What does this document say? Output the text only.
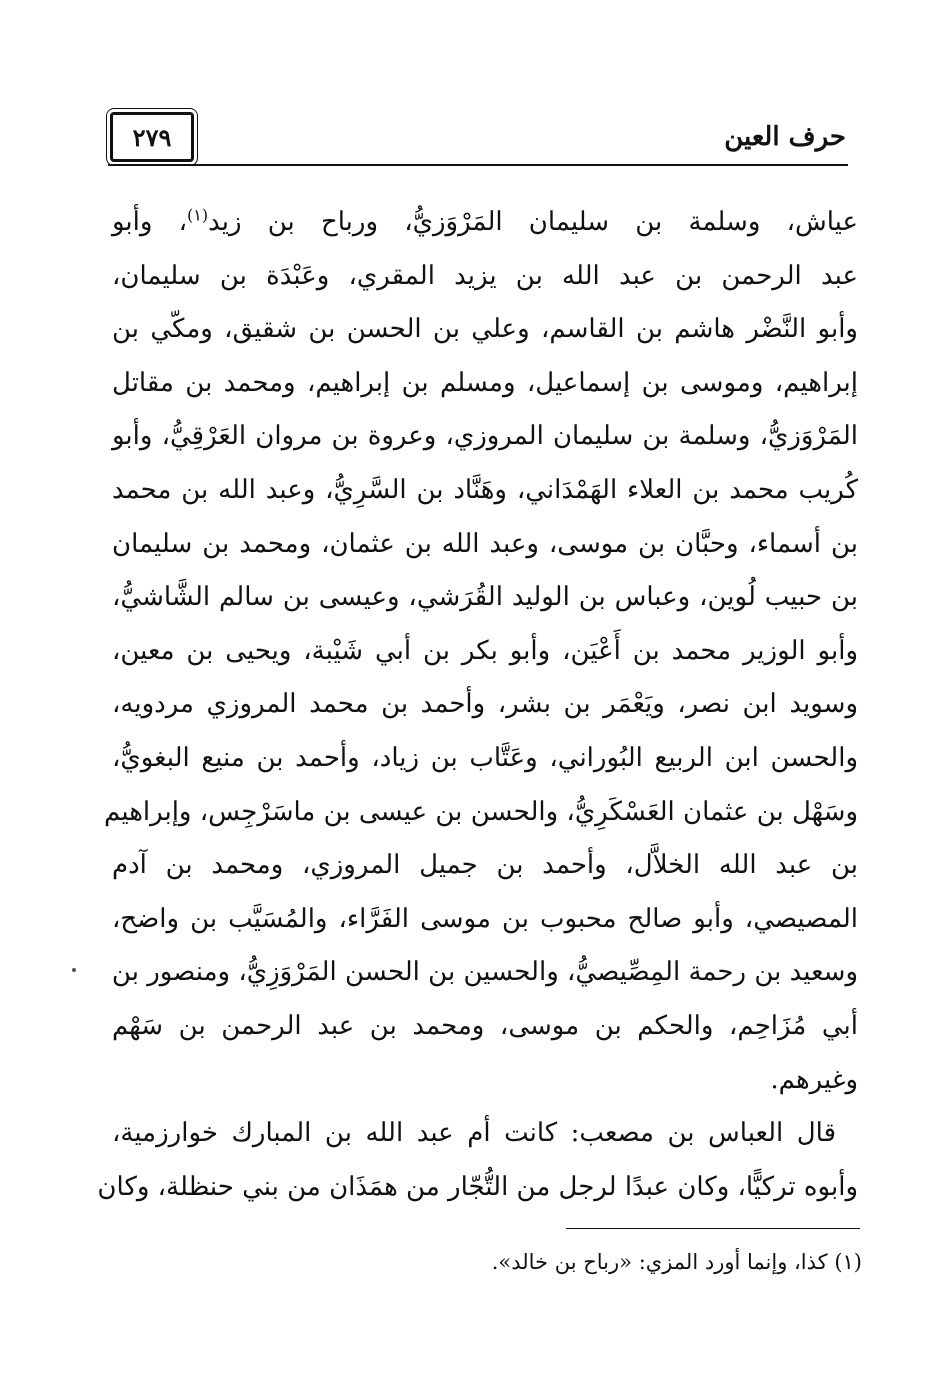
حرف العين
٢٧٩
عياش، وسلمة بن سليمان المَرْوَزيُّ، ورباح بن زيد$^{(١)}$، وأبو
عبد الرحمن بن عبد الله بن يزيد المقري، وعَبْدَة بن سليمان،
وأبو النَّضْر هاشم بن القاسم، وعلي بن الحسن بن شقيق، ومكّي بن
إبراهيم، وموسى بن إسماعيل، ومسلم بن إبراهيم، ومحمد بن مقاتل
المَرْوَزيُّ، وسلمة بن سليمان المروزي، وعروة بن مروان العَرْقِيُّ، وأبو
كُريب محمد بن العلاء الهَمْدَاني، وهَنَّاد بن السَّرِيُّ، وعبد الله بن محمد
بن أسماء، وحبَّان بن موسى، وعبد الله بن عثمان، ومحمد بن سليمان
بن حبيب لُوين، وعباس بن الوليد القُرَشي، وعيسى بن سالم الشَّاشيُّ،
وأبو الوزير محمد بن أَعْيَن، وأبو بكر بن أبي شَيْبة، ويحيى بن معين،
وسويد ابن نصر، ويَعْمَر بن بشر، وأحمد بن محمد المروزي مردويه،
والحسن ابن الربيع البُوراني، وعَتَّاب بن زياد، وأحمد بن منيع البغويُّ،
وسَهْل بن عثمان العَسْكَرِيُّ، والحسن بن عيسى بن ماسَرْجِس، وإبراهيم
بن عبد الله الخلاَّل، وأحمد بن جميل المروزي، ومحمد بن آدم
المصيصي، وأبو صالح محبوب بن موسى الفَرَّاء، والمُسَيَّب بن واضح،
وسعيد بن رحمة المِصِّيصيُّ، والحسين بن الحسن المَرْوَزِيُّ، ومنصور بن
أبي مُزَاحِم، والحكم بن موسى، ومحمد بن عبد الرحمن بن سَهْم
وغيرهم.
قال العباس بن مصعب: كانت أم عبد الله بن المبارك خوارزمية،
وأبوه تركيًّا، وكان عبدًا لرجل من التُّجّار من همَذَان من بني حنظلة، وكان
(١) كذا، وإنما أورد المزي: «رباح بن خالد».
